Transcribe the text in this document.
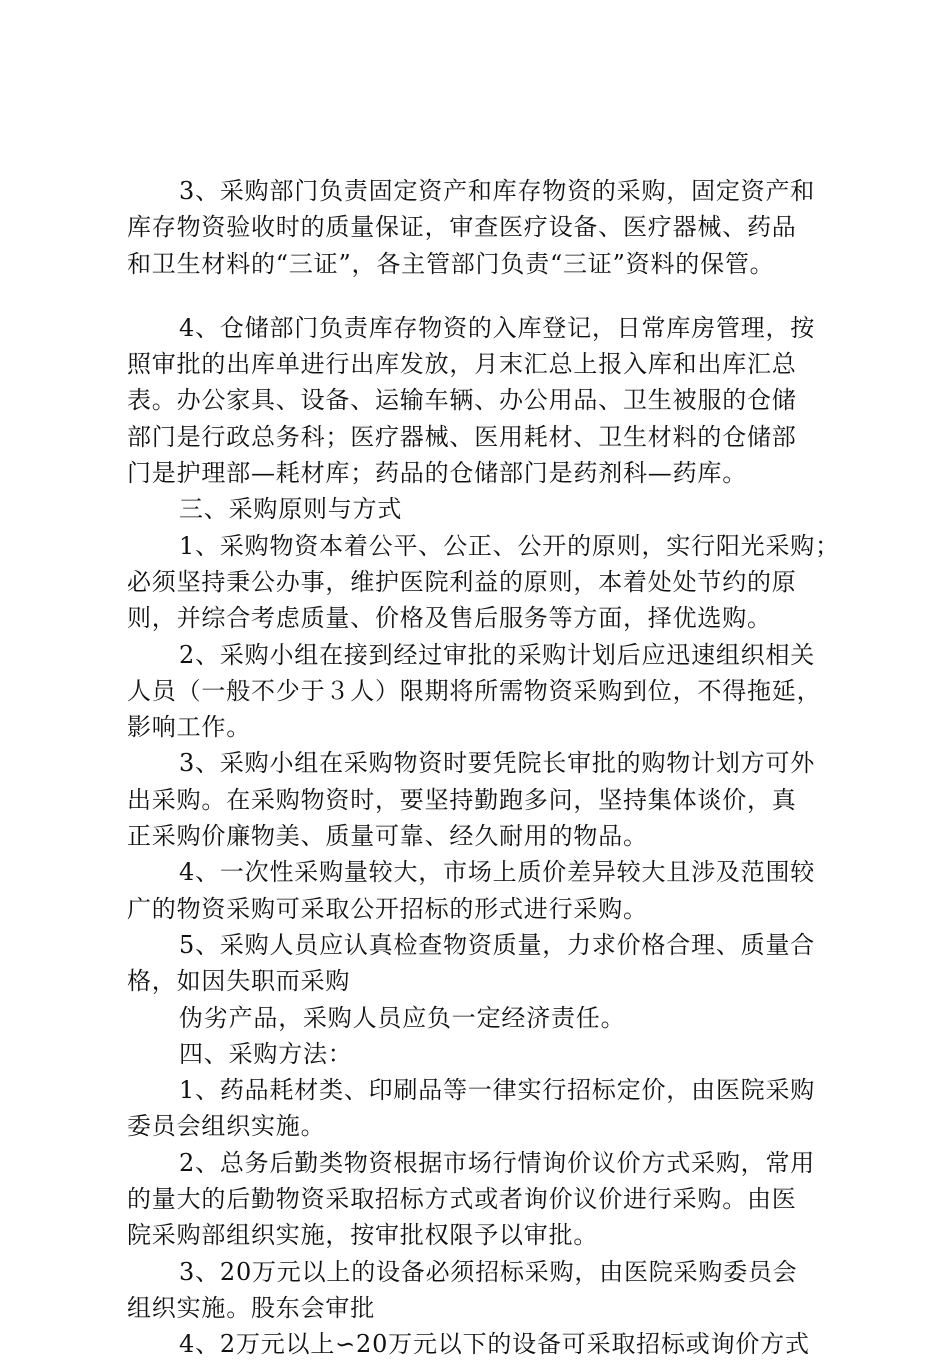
3、采购部门负责固定资产和库存物资的采购，固定资产和
库存物资验收时的质量保证，审查医疗设备、医疗器械、药品
和卫生材料的“三证”，各主管部门负责“三证”资料的保管。
4、仓储部门负责库存物资的入库登记，日常库房管理，按
照审批的出库单进行出库发放，月末汇总上报入库和出库汇总
表。办公家具、设备、运输车辆、办公用品、卫生被服的仓储
部门是行政总务科；医疗器械、医用耗材、卫生材料的仓储部
门是护理部—耗材库；药品的仓储部门是药剂科—药库。
三、采购原则与方式
1、采购物资本着公平、公正、公开的原则，实行阳光采购；
必须坚持秉公办事，维护医院利益的原则，本着处处节约的原
则，并综合考虑质量、价格及售后服务等方面，择优选购。
2、采购小组在接到经过审批的采购计划后应迅速组织相关
人员（一般不少于３人）限期将所需物资采购到位，不得拖延，
影响工作。
3、采购小组在采购物资时要凭院长审批的购物计划方可外
出采购。在采购物资时，要坚持勤跑多问，坚持集体谈价，真
正采购价廉物美、质量可靠、经久耐用的物品。
4、一次性采购量较大，市场上质价差异较大且涉及范围较
广的物资采购可采取公开招标的形式进行采购。
5、采购人员应认真检查物资质量，力求价格合理、质量合
格，如因失职而采购
伪劣产品，采购人员应负一定经济责任。
四、采购方法：
1、药品耗材类、印刷品等一律实行招标定价，由医院采购
委员会组织实施。
2、总务后勤类物资根据市场行情询价议价方式采购，常用
的量大的后勤物资采取招标方式或者询价议价进行采购。由医
院采购部组织实施，按审批权限予以审批。
3、20万元以上的设备必须招标采购，由医院采购委员会
组织实施。股东会审批
4、2万元以上∽20万元以下的设备可采取招标或询价方式
